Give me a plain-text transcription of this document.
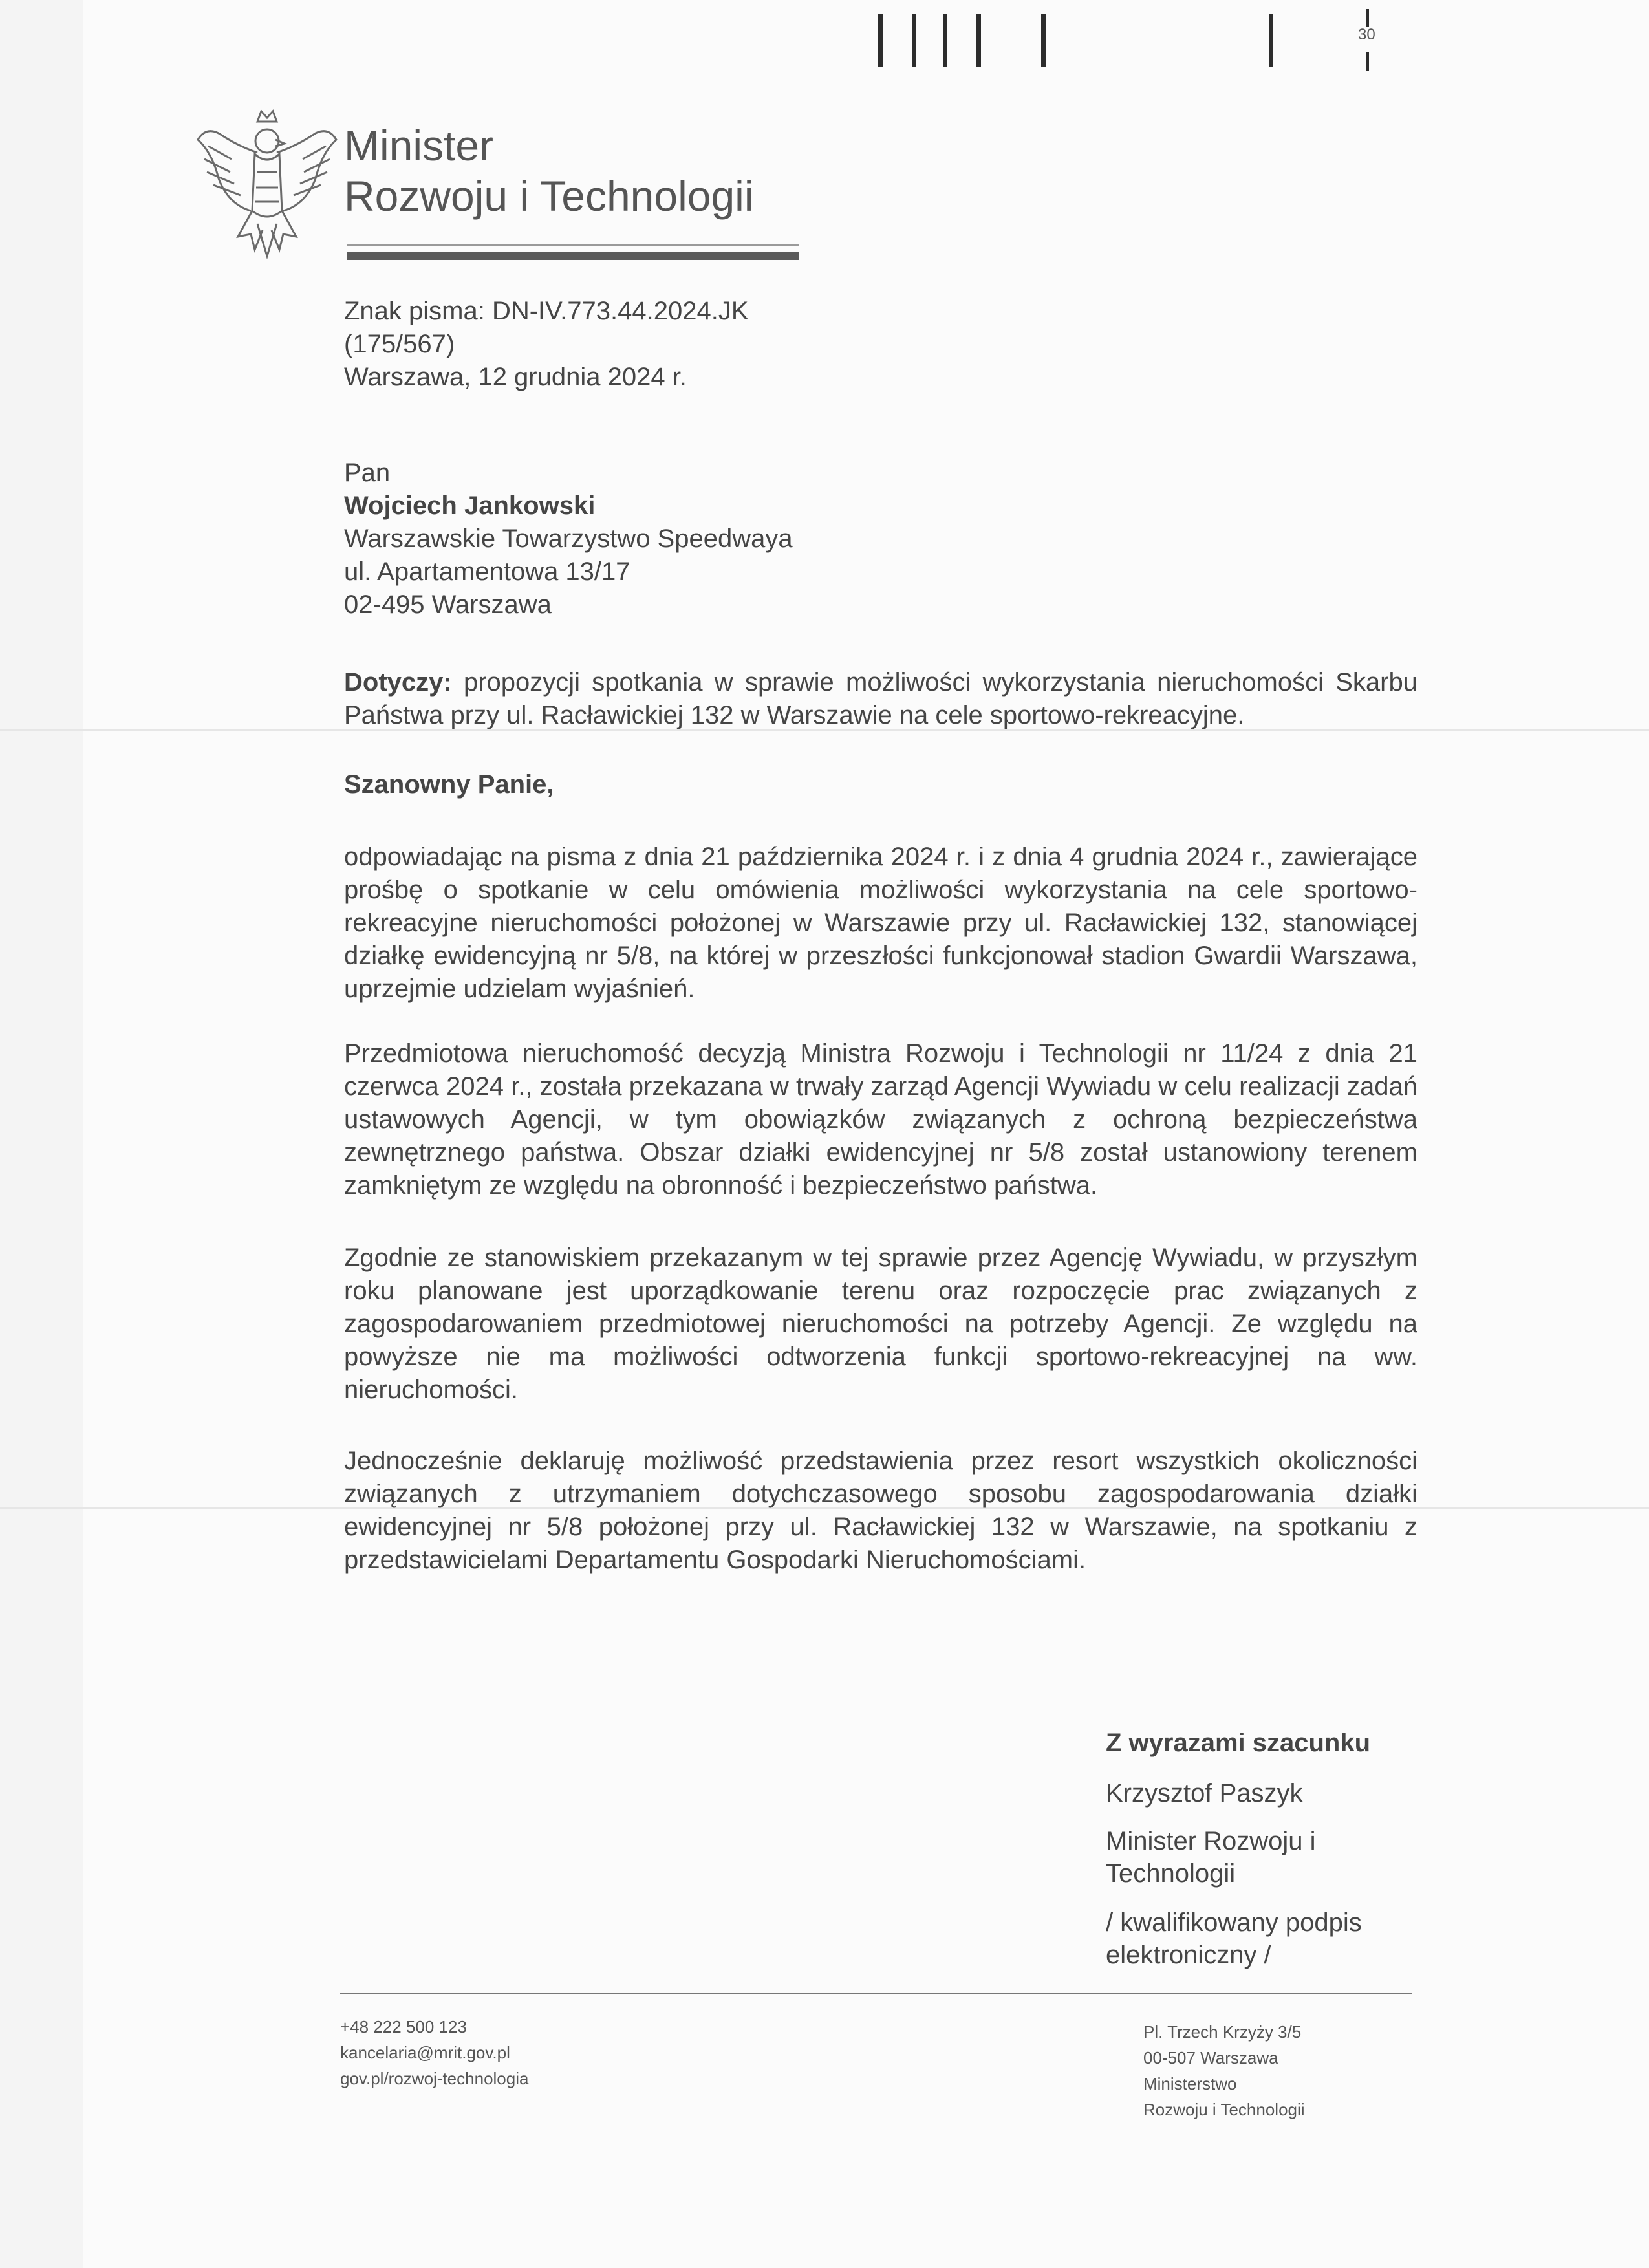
30
Minister
Rozwoju i Technologii
Znak pisma: DN-IV.773.44.2024.JK
(175/567)
Warszawa, 12 grudnia 2024 r.
Pan
Wojciech Jankowski
Warszawskie Towarzystwo Speedwaya
ul. Apartamentowa 13/17
02-495 Warszawa
Dotyczy: propozycji spotkania w sprawie możliwości wykorzystania nieruchomości Skarbu Państwa przy ul. Racławickiej 132 w Warszawie na cele sportowo-rekreacyjne.
Szanowny Panie,
odpowiadając na pisma z dnia 21 października 2024 r. i z dnia 4 grudnia 2024 r., zawierające prośbę o spotkanie w celu omówienia możliwości wykorzystania na cele sportowo-rekreacyjne nieruchomości położonej w Warszawie przy ul. Racławickiej 132, stanowiącej działkę ewidencyjną nr 5/8, na której w przeszłości funkcjonował stadion Gwardii Warszawa, uprzejmie udzielam wyjaśnień.
Przedmiotowa nieruchomość decyzją Ministra Rozwoju i Technologii nr 11/24 z dnia 21 czerwca 2024 r., została przekazana w trwały zarząd Agencji Wywiadu w celu realizacji zadań ustawowych Agencji, w tym obowiązków związanych z ochroną bezpieczeństwa zewnętrznego państwa. Obszar działki ewidencyjnej nr 5/8 został ustanowiony terenem zamkniętym ze względu na obronność i bezpieczeństwo państwa.
Zgodnie ze stanowiskiem przekazanym w tej sprawie przez Agencję Wywiadu, w przyszłym roku planowane jest uporządkowanie terenu oraz rozpoczęcie prac związanych z zagospodarowaniem przedmiotowej nieruchomości na potrzeby Agencji. Ze względu na powyższe nie ma możliwości odtworzenia funkcji sportowo-rekreacyjnej na ww. nieruchomości.
Jednocześnie deklaruję możliwość przedstawienia przez resort wszystkich okoliczności związanych z utrzymaniem dotychczasowego sposobu zagospodarowania działki ewidencyjnej nr 5/8 położonej przy ul. Racławickiej 132 w Warszawie, na spotkaniu z przedstawicielami Departamentu Gospodarki Nieruchomościami.
Z wyrazami szacunku
Krzysztof Paszyk
Minister Rozwoju i Technologii
/ kwalifikowany podpis elektroniczny /
+48 222 500 123
kancelaria@mrit.gov.pl
gov.pl/rozwoj-technologia
Pl. Trzech Krzyży 3/5
00-507 Warszawa
Ministerstwo
Rozwoju i Technologii
